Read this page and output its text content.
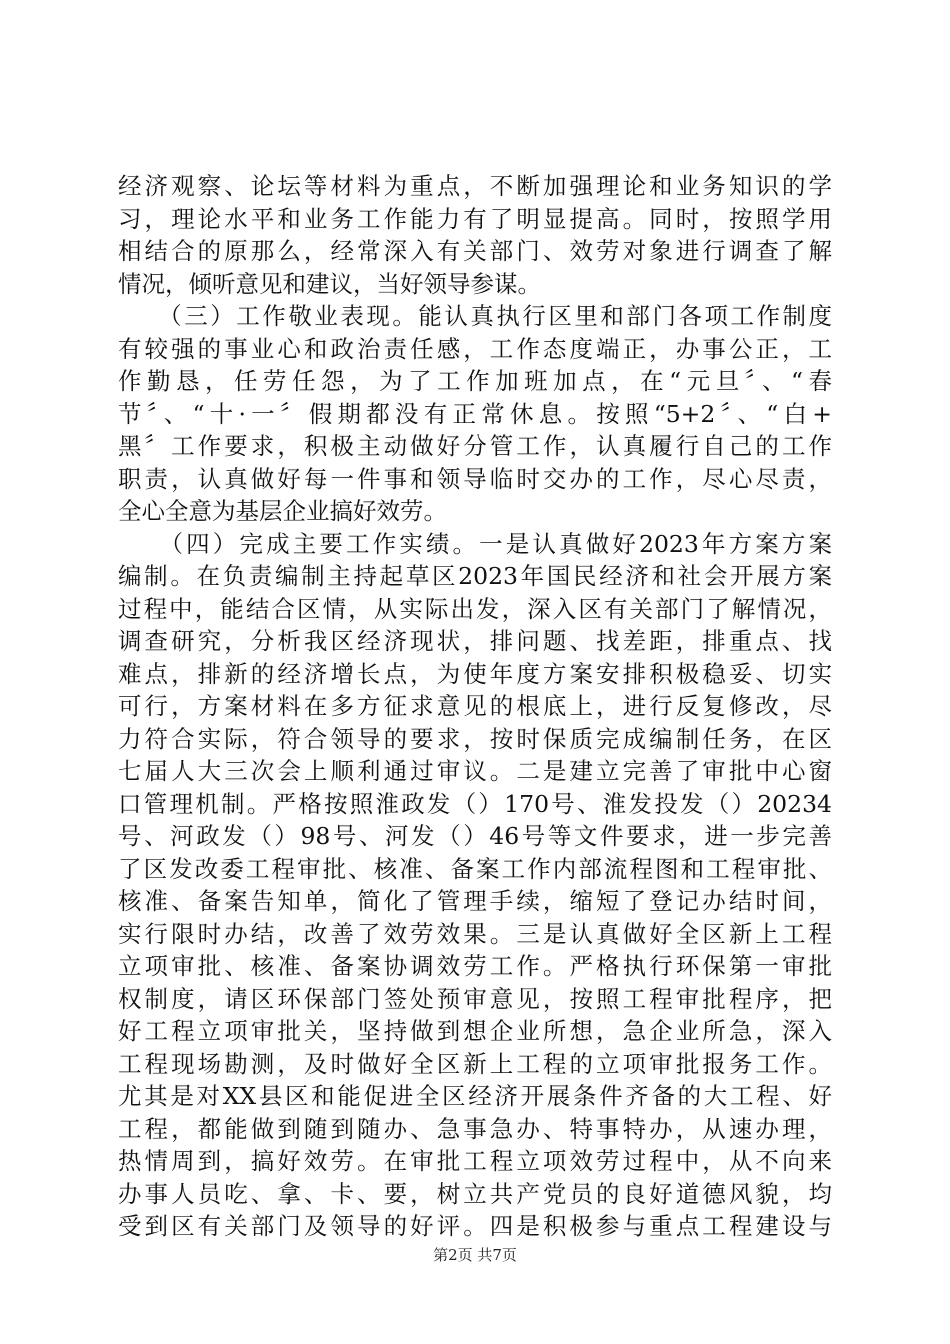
经济观察、论坛等材料为重点，不断加强理论和业务知识的学
习，理论水平和业务工作能力有了明显提高。同时，按照学用
相结合的原那么，经常深入有关部门、效劳对象进行调查了解
情况，倾听意见和建议，当好领导参谋。
　　（三）工作敬业表现。能认真执行区里和部门各项工作制度
有较强的事业心和政治责任感，工作态度端正，办事公正，工
作勤恳，任劳任怨，为了工作加班加点，在“元旦〞、“春
节〞、“十·一〞假期都没有正常休息。按照“5+2〞、“白+
黑〞工作要求，积极主动做好分管工作，认真履行自己的工作
职责，认真做好每一件事和领导临时交办的工作，尽心尽责，
全心全意为基层企业搞好效劳。
　　（四）完成主要工作实绩。一是认真做好2023年方案方案
编制。在负责编制主持起草区2023年国民经济和社会开展方案
过程中，能结合区情，从实际出发，深入区有关部门了解情况，
调查研究，分析我区经济现状，排问题、找差距，排重点、找
难点，排新的经济增长点，为使年度方案安排积极稳妥、切实
可行，方案材料在多方征求意见的根底上，进行反复修改，尽
力符合实际，符合领导的要求，按时保质完成编制任务，在区
七届人大三次会上顺利通过审议。二是建立完善了审批中心窗
口管理机制。严格按照淮政发（）170号、淮发投发（）20234
号、河政发（）98号、河发（）46号等文件要求，进一步完善
了区发改委工程审批、核准、备案工作内部流程图和工程审批、
核准、备案告知单，简化了管理手续，缩短了登记办结时间，
实行限时办结，改善了效劳效果。三是认真做好全区新上工程
立项审批、核准、备案协调效劳工作。严格执行环保第一审批
权制度，请区环保部门签处预审意见，按照工程审批程序，把
好工程立项审批关，坚持做到想企业所想，急企业所急，深入
工程现场勘测，及时做好全区新上工程的立项审批报务工作。
尤其是对XX县区和能促进全区经济开展条件齐备的大工程、好
工程，都能做到随到随办、急事急办、特事特办，从速办理，
热情周到，搞好效劳。在审批工程立项效劳过程中，从不向来
办事人员吃、拿、卡、要，树立共产党员的良好道德风貌，均
受到区有关部门及领导的好评。四是积极参与重点工程建设与
第2页 共7页
